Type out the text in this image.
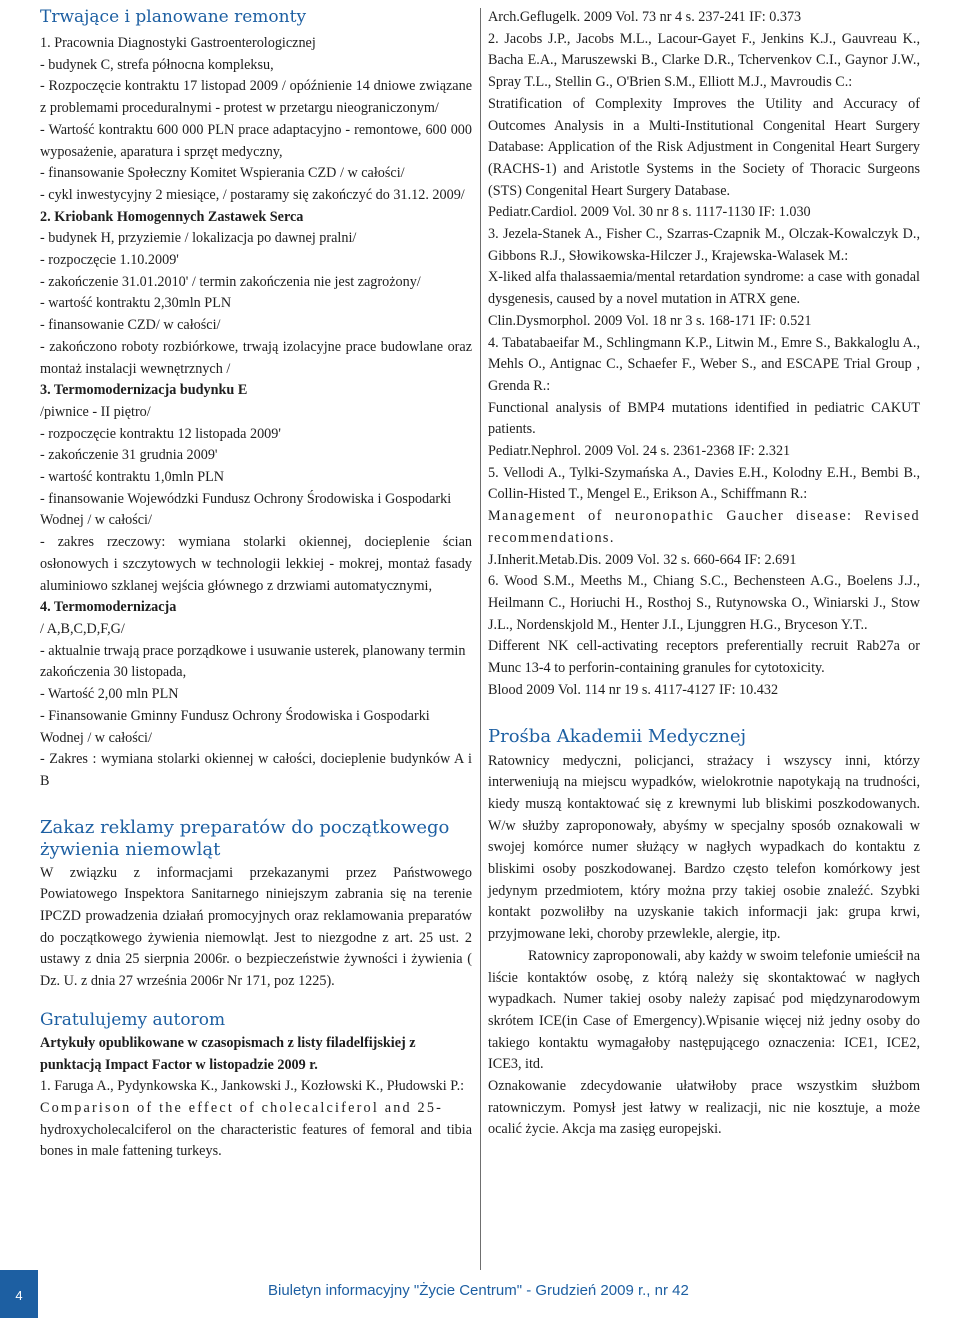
Trwające i planowane remonty

1. Pracownia Diagnostyki Gastroenterologicznej

- budynek C, strefa północna kompleksu,

- Rozpoczęcie kontraktu 17 listopad 2009 / opóźnienie 14 dniowe związane z problemami proceduralnymi - protest w przetargu nieograniczonym/

- Wartość kontraktu 600 000 PLN prace adaptacyjno - remontowe, 600 000 wyposażenie, aparatura i sprzęt medyczny,

- finansowanie Społeczny Komitet Wspierania CZD / w całości/

- cykl inwestycyjny 2 miesiące, / postaramy się zakończyć do 31.12. 2009/

2. Kriobank Homogennych Zastawek Serca

- budynek H, przyziemie / lokalizacja po dawnej pralni/

- rozpoczęcie 1.10.2009'

- zakończenie 31.01.2010' / termin zakończenia nie jest zagrożony/

- wartość kontraktu 2,30mln PLN

- finansowanie CZD/ w całości/

- zakończono roboty rozbiórkowe, trwają izolacyjne prace budowlane oraz montaż instalacji wewnętrznych /

3. Termomodernizacja budynku E

/piwnice - II piętro/

- rozpoczęcie kontraktu 12 listopada 2009'

- zakończenie 31 grudnia 2009'

- wartość kontraktu 1,0mln PLN

- finansowanie Wojewódzki Fundusz Ochrony Środowiska i Gospodarki Wodnej / w całości/

- zakres rzeczowy: wymiana stolarki okiennej, docieplenie ścian osłonowych i szczytowych w technologii lekkiej - mokrej, montaż fasady aluminiowo szklanej wejścia głównego z drzwiami automatycznymi,

4. Termomodernizacja

/ A,B,C,D,F,G/

- aktualnie trwają prace porządkowe i usuwanie usterek, planowany termin zakończenia 30 listopada,

- Wartość 2,00 mln PLN

- Finansowanie Gminny Fundusz Ochrony Środowiska i Gospodarki Wodnej / w całości/

- Zakres : wymiana stolarki okiennej w całości, docieplenie budynków A i B

Zakaz reklamy preparatów do początkowego żywienia niemowląt

W związku z informacjami przekazanymi przez Państwowego Powiatowego Inspektora Sanitarnego niniejszym zabrania się na terenie IPCZD prowadzenia działań promocyjnych oraz reklamowania preparatów do początkowego żywienia niemowląt. Jest to niezgodne z art. 25 ust. 2 ustawy z dnia 25 sierpnia 2006r. o bezpieczeństwie żywności i żywienia ( Dz. U. z dnia 27 września 2006r Nr 171, poz 1225).

Gratulujemy autorom

Artykuły opublikowane w czasopismach z listy filadelfijskiej z punktacją Impact Factor w listopadzie 2009 r.

1. Faruga A., Pydynkowska K., Jankowski J., Kozłowski K., Płudowski P.:

Comparison of the effect of cholecalciferol and 25-

hydroxycholecalciferol on the characteristic features of femoral and tibia bones in male fattening turkeys.

Arch.Geflugelk. 2009 Vol. 73 nr 4 s. 237-241 IF: 0.373

2. Jacobs J.P., Jacobs M.L., Lacour-Gayet F., Jenkins K.J., Gauvreau K., Bacha E.A., Maruszewski B., Clarke D.R., Tchervenkov C.I., Gaynor J.W., Spray T.L., Stellin G., O'Brien S.M., Elliott M.J., Mavroudis C.:

Stratification of Complexity Improves the Utility and Accuracy of Outcomes Analysis in a Multi-Institutional Congenital Heart Surgery Database: Application of the Risk Adjustment in Congenital Heart Surgery (RACHS-1) and Aristotle Systems in the Society of Thoracic Surgeons (STS) Congenital Heart Surgery Database.

Pediatr.Cardiol. 2009 Vol. 30 nr 8 s. 1117-1130 IF: 1.030

3. Jezela-Stanek A., Fisher C., Szarras-Czapnik M., Olczak-Kowalczyk D., Gibbons R.J., Słowikowska-Hilczer J., Krajewska-Walasek M.:

X-liked alfa thalassaemia/mental retardation syndrome: a case with gonadal dysgenesis, caused by a novel mutation in ATRX gene.

Clin.Dysmorphol. 2009 Vol. 18 nr 3 s. 168-171 IF: 0.521

4. Tabatabaeifar M., Schlingmann K.P., Litwin M., Emre S., Bakkaloglu A., Mehls O., Antignac C., Schaefer F., Weber S., and ESCAPE Trial Group , Grenda R.:

Functional analysis of BMP4 mutations identified in pediatric CAKUT patients.

Pediatr.Nephrol. 2009 Vol. 24 s. 2361-2368 IF: 2.321

5. Vellodi A., Tylki-Szymańska A., Davies E.H., Kolodny E.H., Bembi B., Collin-Histed T., Mengel E., Erikson A., Schiffmann R.:

Management of neuronopathic Gaucher disease: Revised recommendations.

J.Inherit.Metab.Dis. 2009 Vol. 32 s. 660-664 IF: 2.691

6. Wood S.M., Meeths M., Chiang S.C., Bechensteen A.G., Boelens J.J., Heilmann C., Horiuchi H., Rosthoj S., Rutynowska O., Winiarski J., Stow J.L., Nordenskjold M., Henter J.I., Ljunggren H.G., Bryceson Y.T..

Different NK cell-activating receptors preferentially recruit Rab27a or Munc 13-4 to perforin-containing granules for cytotoxicity.

Blood 2009 Vol. 114 nr 19 s. 4117-4127 IF: 10.432

Prośba Akademii Medycznej

Ratownicy medyczni, policjanci, strażacy i wszyscy inni, którzy interweniują na miejscu wypadków, wielokrotnie napotykają na trudności, kiedy muszą kontaktować się z krewnymi lub bliskimi poszkodowanych. W/w służby zaproponowały, abyśmy w specjalny sposób oznakowali w swojej komórce numer służący w nagłych wypadkach do kontaktu z bliskimi osoby poszkodowanej. Bardzo często telefon komórkowy jest jedynym przedmiotem, który można przy takiej osobie znaleźć. Szybki kontakt pozwoliłby na uzyskanie takich informacji jak: grupa krwi, przyjmowane leki, choroby przewlekle, alergie, itp.

Ratownicy zaproponowali, aby każdy w swoim telefonie umieścił na liście kontaktów osobę, z którą należy się skontaktować w nagłych wypadkach. Numer takiej osoby należy zapisać pod międzynarodowym skrótem ICE(in Case of Emergency).Wpisanie więcej niż jedny osoby do takiego kontaktu wymagałoby następującego oznaczenia: ICE1, ICE2, ICE3, itd.

Oznakowanie zdecydowanie ułatwiłoby prace wszystkim służbom ratowniczym. Pomysł jest łatwy w realizacji, nic nie kosztuje, a może ocalić życie. Akcja ma zasięg europejski.

4	Biuletyn informacyjny "Życie Centrum" - Grudzień 2009 r., nr 42
